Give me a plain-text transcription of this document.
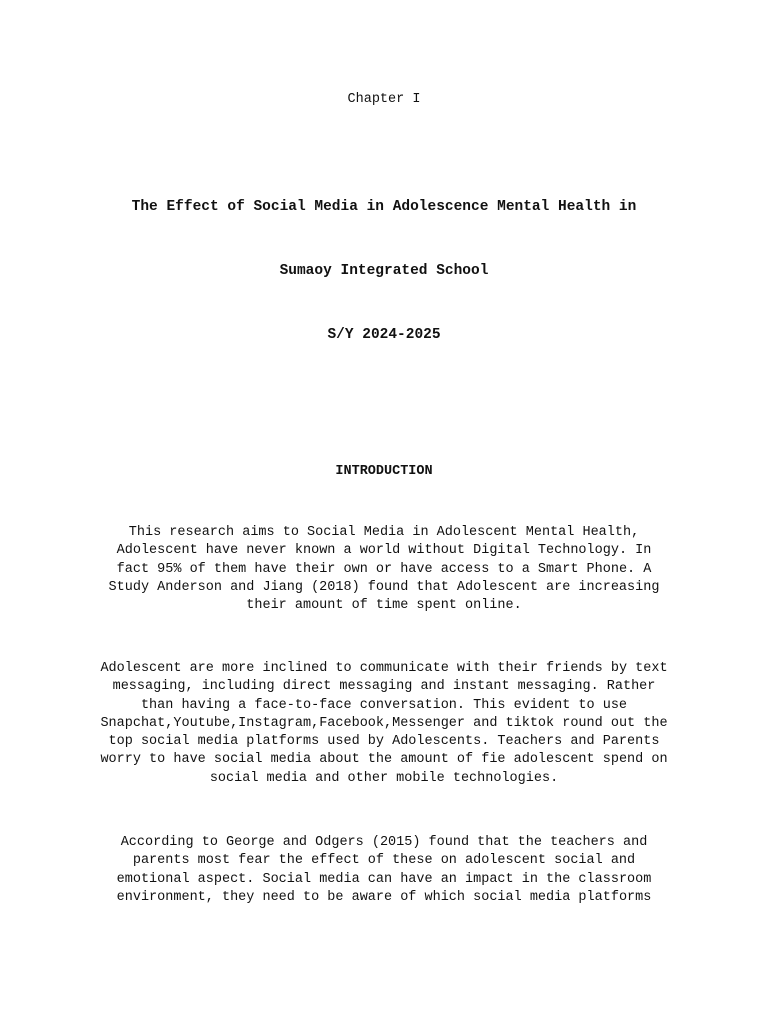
Chapter I
The Effect of Social Media in Adolescence Mental Health in
Sumaoy Integrated School
S/Y 2024-2025
INTRODUCTION
This research aims to Social Media in Adolescent Mental Health,
Adolescent have never known a world without Digital Technology. In
fact 95% of them have their own or have access to a Smart Phone. A
Study Anderson and Jiang (2018) found that Adolescent are increasing
their amount of time spent online.
Adolescent are more inclined to communicate with their friends by text
messaging, including direct messaging and instant messaging. Rather
than having a face-to-face conversation. This evident to use
Snapchat,Youtube,Instagram,Facebook,Messenger and tiktok round out the
top social media platforms used by Adolescents. Teachers and Parents
worry to have social media about the amount of fie adolescent spend on
social media and other mobile technologies.
According to George and Odgers (2015) found that the teachers and
parents most fear the effect of these on adolescent social and
emotional aspect. Social media can have an impact in the classroom
environment, they need to be aware of which social media platforms
